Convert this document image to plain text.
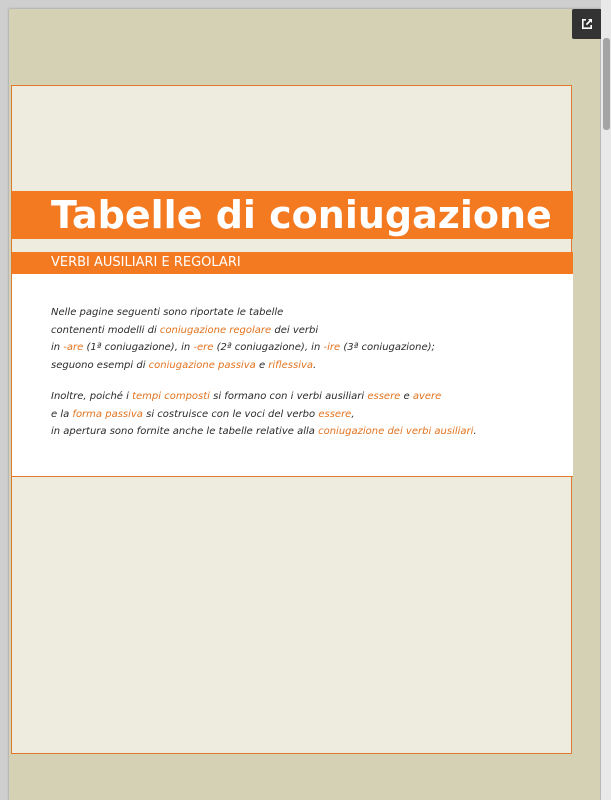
Tabelle di coniugazione
VERBI AUSILIARI E REGOLARI
Nelle pagine seguenti sono riportate le tabelle
contenenti modelli di coniugazione regolare dei verbi
in -are (1ª coniugazione), in -ere (2ª coniugazione), in -ire (3ª coniugazione);
seguono esempi di coniugazione passiva e riflessiva.
Inoltre, poiché i tempi composti si formano con i verbi ausiliari essere e avere
e la forma passiva si costruisce con le voci del verbo essere,
in apertura sono fornite anche le tabelle relative alla coniugazione dei verbi ausiliari.
